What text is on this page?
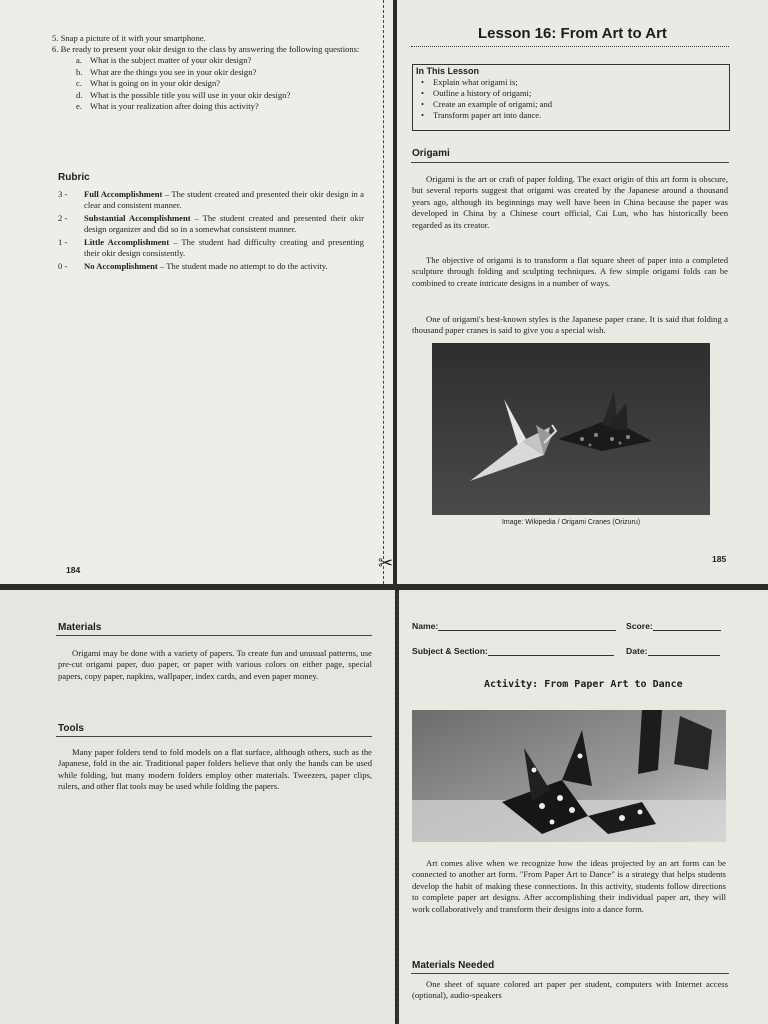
5. Snap a picture of it with your smartphone.
6. Be ready to present your okir design to the class by answering the following questions:
a. What is the subject matter of your okir design?
b. What are the things you see in your okir design?
c. What is going on in your okir design?
d. What is the possible title you will use in your okir design?
e. What is your realization after doing this activity?
Rubric
3 -	Full Accomplishment – The student created and presented their okir design in a clear and consistent manner.
2 -	Substantial Accomplishment – The student created and presented their okir design organizer and did so in a somewhat consistent manner.
1 -	Little Accomplishment – The student had difficulty creating and presenting their okir design consistently.
0 -	No Accomplishment – The student made no attempt to do the activity.
184	✂
Lesson 16: From Art to Art
In This Lesson
• Explain what origami is;
• Outline a history of origami;
• Create an example of origami; and
• Transform paper art into dance.
Origami
Origami is the art or craft of paper folding. The exact origin of this art form is obscure, but several reports suggest that origami was created by the Japanese around a thousand years ago, although its beginnings may well have been in China because the paper was developed in China by a Chinese court official, Cai Lun, who has historically been regarded as its creator.
The objective of origami is to transform a flat square sheet of paper into a completed sculpture through folding and sculpting techniques. A few simple origami folds can be combined to create intricate designs in a number of ways.
One of origami's best-known styles is the Japanese paper crane. It is said that folding a thousand paper cranes is said to give you a special wish.
Image: Wikipedia / Origami Cranes (Orizuru)
185
Materials
Origami may be done with a variety of papers. To create fun and unusual patterns, use pre-cut origami paper, duo paper, or paper with various colors on either page, special papers, copy paper, napkins, wallpaper, index cards, and even paper money.
Tools
Many paper folders tend to fold models on a flat surface, although others, such as the Japanese, fold in the air. Traditional paper folders believe that only the hands can be used while folding, but many modern folders employ other materials. Tweezers, paper clips, rulers, and other flat tools may be used while folding the papers.
Name:	Score:
Subject & Section:	Date:
Activity: From Paper Art to Dance
Art comes alive when we recognize how the ideas projected by an art form can be connected to another art form. "From Paper Art to Dance" is a strategy that helps students develop the habit of making these connections. In this activity, students follow directions to complete paper art designs. After accomplishing their individual paper art, they will work collaboratively and transform their designs into a dance form.
Materials Needed
One sheet of square colored art paper per student, computers with Internet access (optional), audio-speakers
